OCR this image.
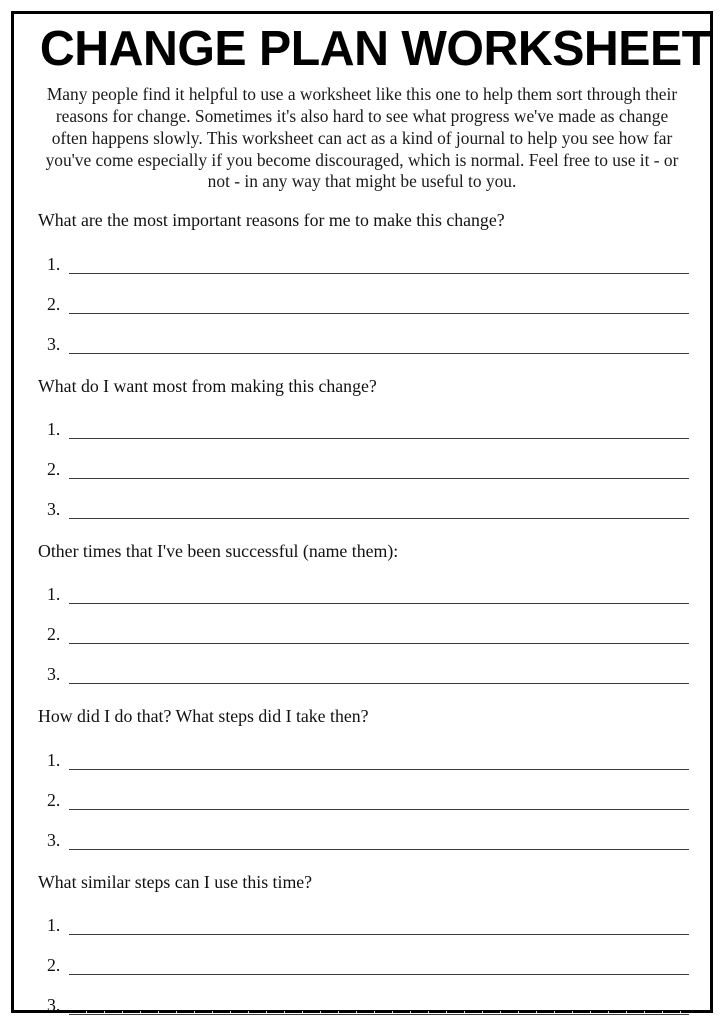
CHANGE PLAN WORKSHEET

Many people find it helpful to use a worksheet like this one to help them sort through their reasons for change. Sometimes it's also hard to see what progress we've made as change often happens slowly. This worksheet can act as a kind of journal to help you see how far you've come especially if you become discouraged, which is normal. Feel free to use it - or not - in any way that might be useful to you.

What are the most important reasons for me to make this change?
1.
2.
3.
What do I want most from making this change?
1.
2.
3.
Other times that I've been successful (name them):
1.
2.
3.
How did I do that? What steps did I take then?
1.
2.
3.
What similar steps can I use this time?
1.
2.
3.
